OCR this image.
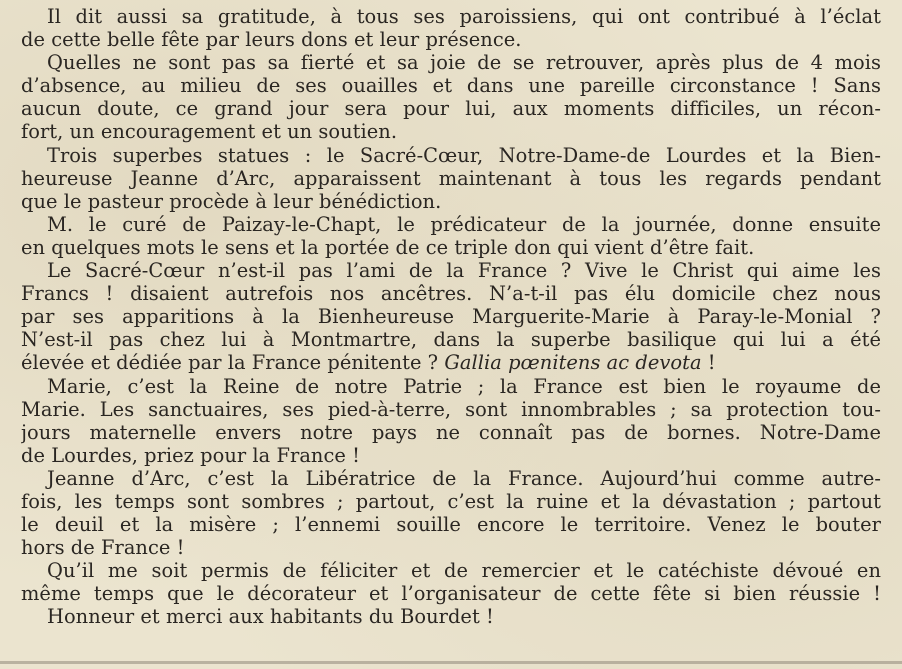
Il dit aussi sa gratitude, à tous ses paroissiens, qui ont contribué à l’éclat
de cette belle fête par leurs dons et leur présence.
Quelles ne sont pas sa fierté et sa joie de se retrouver, après plus de 4 mois
d’absence, au milieu de ses ouailles et dans une pareille circonstance ! Sans
aucun doute, ce grand jour sera pour lui, aux moments difficiles, un récon-
fort, un encouragement et un soutien.
Trois superbes statues : le Sacré-Cœur, Notre-Dame-de Lourdes et la Bien-
heureuse Jeanne d’Arc, apparaissent maintenant à tous les regards pendant
que le pasteur procède à leur bénédiction.
M. le curé de Paizay-le-Chapt, le prédicateur de la journée, donne ensuite
en quelques mots le sens et la portée de ce triple don qui vient d’être fait.
Le Sacré-Cœur n’est-il pas l’ami de la France ? Vive le Christ qui aime les
Francs ! disaient autrefois nos ancêtres. N’a-t-il pas élu domicile chez nous
par ses apparitions à la Bienheureuse Marguerite-Marie à Paray-le-Monial ?
N’est-il pas chez lui à Montmartre, dans la superbe basilique qui lui a été
élevée et dédiée par la France pénitente ? Gallia pœnitens ac devota !
Marie, c’est la Reine de notre Patrie ; la France est bien le royaume de
Marie. Les sanctuaires, ses pied-à-terre, sont innombrables ; sa protection tou-
jours maternelle envers notre pays ne connaît pas de bornes. Notre-Dame
de Lourdes, priez pour la France !
Jeanne d’Arc, c’est la Libératrice de la France. Aujourd’hui comme autre-
fois, les temps sont sombres ; partout, c’est la ruine et la dévastation ; partout
le deuil et la misère ; l’ennemi souille encore le territoire. Venez le bouter
hors de France !
Qu’il me soit permis de féliciter et de remercier et le catéchiste dévoué en
même temps que le décorateur et l’organisateur de cette fête si bien réussie !
Honneur et merci aux habitants du Bourdet !
